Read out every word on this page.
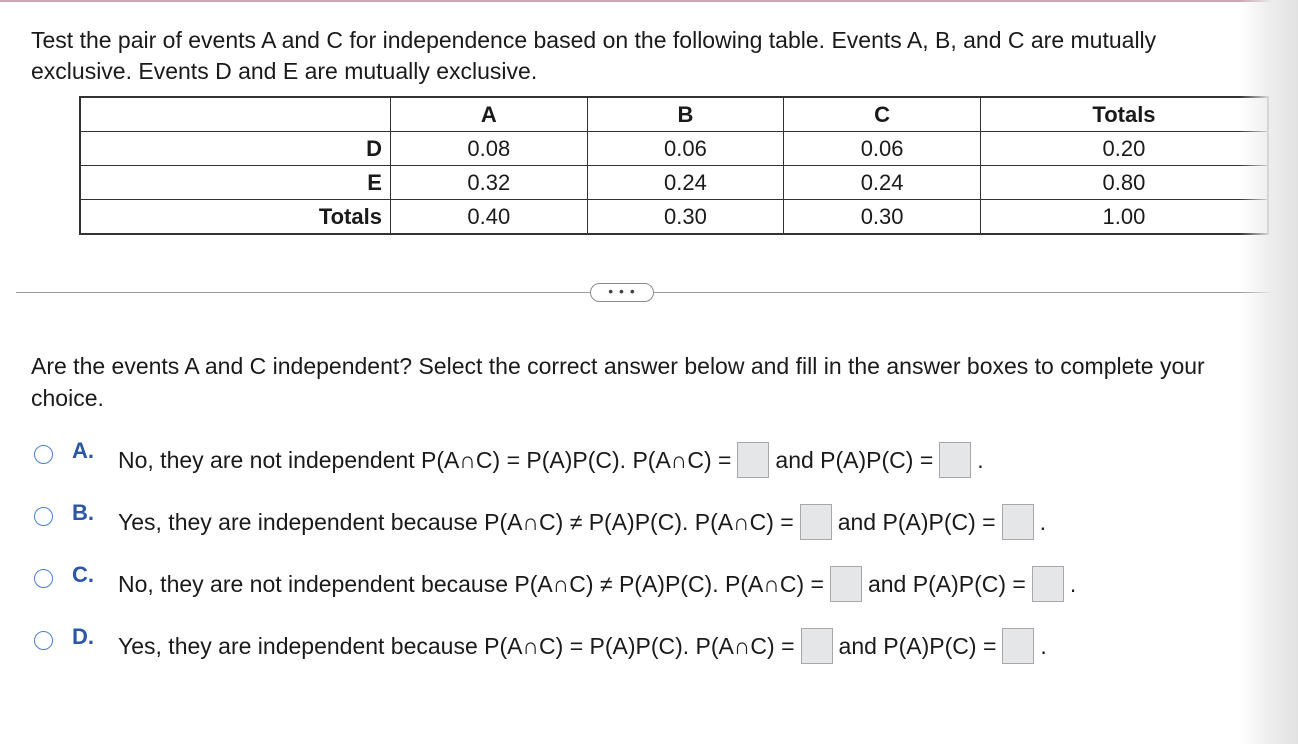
Test the pair of events A and C for independence based on the following table. Events A, B, and C are mutually exclusive. Events D and E are mutually exclusive.

	A	B	C	Totals
D	0.08	0.06	0.06	0.20
E	0.32	0.24	0.24	0.80
Totals	0.40	0.30	0.30	1.00
• • •

Are the events A and C independent? Select the correct answer below and fill in the answer boxes to complete your choice.

A. No, they are not independent P(A∩C) = P(A)P(C). P(A∩C) = and P(A)P(C) = .
B. Yes, they are independent because P(A∩C) ≠ P(A)P(C). P(A∩C) = and P(A)P(C) = .
C. No, they are not independent because P(A∩C) ≠ P(A)P(C). P(A∩C) = and P(A)P(C) = .
D. Yes, they are independent because P(A∩C) = P(A)P(C). P(A∩C) = and P(A)P(C) = .
